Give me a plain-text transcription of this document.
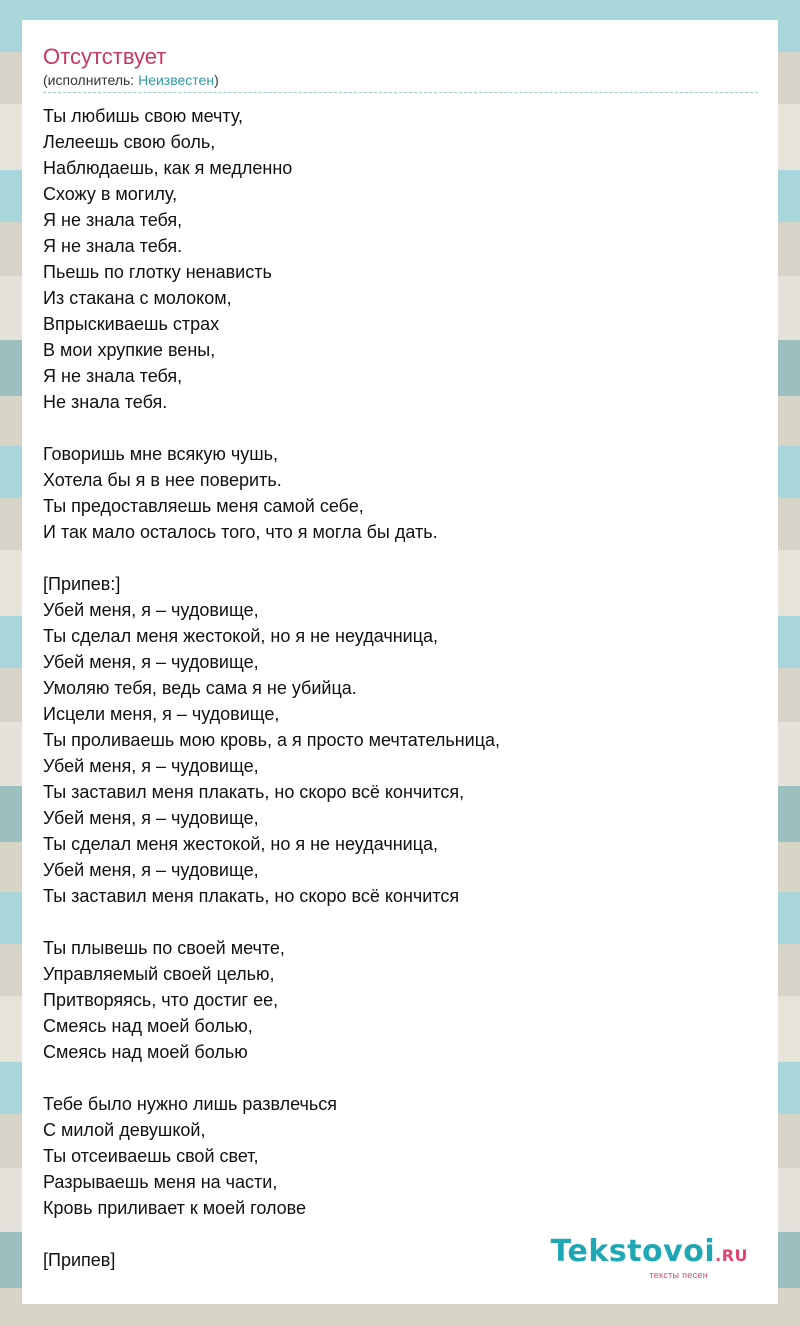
Отсутствует
(исполнитель: Неизвестен)
Ты любишь свою мечту,
Лелеешь свою боль,
Наблюдаешь, как я медленно
Схожу в могилу,
Я не знала тебя,
Я не знала тебя.
Пьешь по глотку ненависть
Из стакана с молоком,
Впрыскиваешь страх
В мои хрупкие вены,
Я не знала тебя,
Не знала тебя.
Говоришь мне всякую чушь,
Хотела бы я в нее поверить.
Ты предоставляешь меня самой себе,
И так мало осталось того, что я могла бы дать.
[Припев:]
Убей меня, я – чудовище,
Ты сделал меня жестокой, но я не неудачница,
Убей меня, я – чудовище,
Умоляю тебя, ведь сама я не убийца.
Исцели меня, я – чудовище,
Ты проливаешь мою кровь, а я просто мечтательница,
Убей меня, я – чудовище,
Ты заставил меня плакать, но скоро всё кончится,
Убей меня, я – чудовище,
Ты сделал меня жестокой, но я не неудачница,
Убей меня, я – чудовище,
Ты заставил меня плакать, но скоро всё кончится
Ты плывешь по своей мечте,
Управляемый своей целью,
Притворяясь, что достиг ее,
Смеясь над моей болью,
Смеясь над моей болью
Тебе было нужно лишь развлечься
С милой девушкой,
Ты отсеиваешь свой свет,
Разрываешь меня на части,
Кровь приливает к моей голове
[Припев]	Tekstovoi.RU
тексты песен
